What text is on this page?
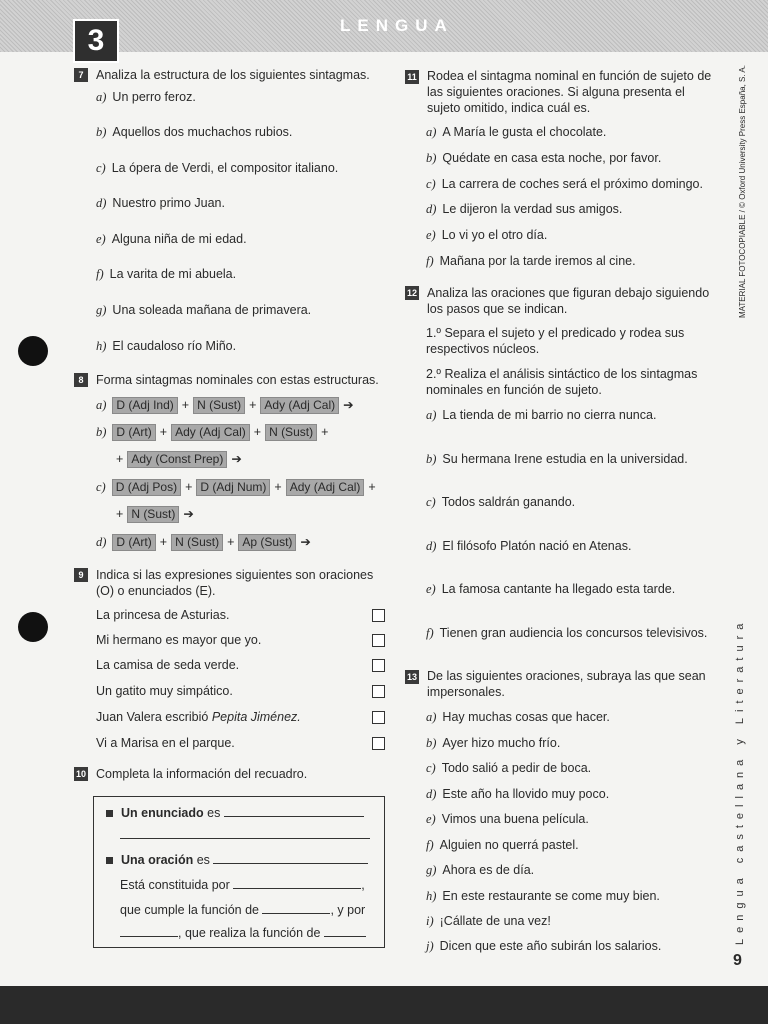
3	LENGUA
7	Analiza la estructura de los siguientes sintagmas.
a) Un perro feroz.
b) Aquellos dos muchachos rubios.
c) La ópera de Verdi, el compositor italiano.
d) Nuestro primo Juan.
e) Alguna niña de mi edad.
f) La varita de mi abuela.
g) Una soleada mañana de primavera.
h) El caudaloso río Miño.
8	Forma sintagmas nominales con estas estructuras.
a) D (Adj Ind) + N (Sust) + Ady (Adj Cal) ➔
b) D (Art) + Ady (Adj Cal) + N (Sust) +
+ Ady (Const Prep) ➔
c) D (Adj Pos) + D (Adj Num) + Ady (Adj Cal) +
+ N (Sust) ➔
d) D (Art) + N (Sust) + Ap (Sust) ➔
9	Indica si las expresiones siguientes son oraciones (O) o enunciados (E).
La princesa de Asturias.
Mi hermano es mayor que yo.
La camisa de seda verde.
Un gatito muy simpático.
Juan Valera escribió Pepita Jiménez.
Vi a Marisa en el parque.
10 Completa la información del recuadro.
Un enunciado es
Una oración es
Está constituida por	,
que cumple la función de	, y por
, que realiza la función de
11 Rodea el sintagma nominal en función de sujeto de las siguientes oraciones. Si alguna presenta el sujeto omitido, indica cuál es.
a) A María le gusta el chocolate.
b) Quédate en casa esta noche, por favor.
c) La carrera de coches será el próximo domingo.
d) Le dijeron la verdad sus amigos.
e) Lo vi yo el otro día.
f) Mañana por la tarde iremos al cine.
12 Analiza las oraciones que figuran debajo siguiendo los pasos que se indican.
1.º Separa el sujeto y el predicado y rodea sus respectivos núcleos.
2.º Realiza el análisis sintáctico de los sintagmas nominales en función de sujeto.
a) La tienda de mi barrio no cierra nunca.
b) Su hermana Irene estudia en la universidad.
c) Todos saldrán ganando.
d) El filósofo Platón nació en Atenas.
e) La famosa cantante ha llegado esta tarde.
f) Tienen gran audiencia los concursos televisivos.
13 De las siguientes oraciones, subraya las que sean impersonales.
a) Hay muchas cosas que hacer.
b) Ayer hizo mucho frío.
c) Todo salió a pedir de boca.
d) Este año ha llovido muy poco.
e) Vimos una buena película.
f) Alguien no querrá pastel.
g) Ahora es de día.
h) En este restaurante se come muy bien.
i) ¡Cállate de una vez!
j) Dicen que este año subirán los salarios.
MATERIAL FOTOCOPIABLE / © Oxford University Press España, S. A.
Lengua castellana y Literatura
9
